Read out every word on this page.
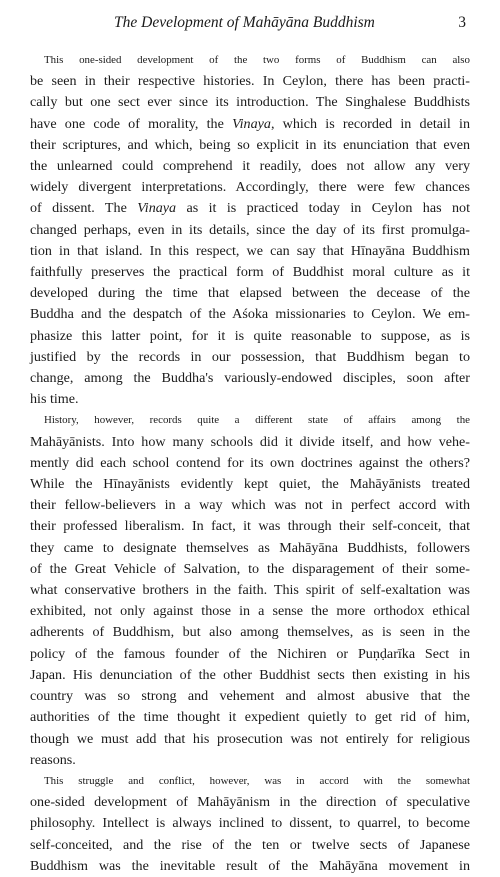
The Development of Mahāyāna Buddhism	3

This one-sided development of the two forms of Buddhism can also
be seen in their respective histories. In Ceylon, there has been practi-
cally but one sect ever since its introduction. The Singhalese Buddhists
have one code of morality, the Vinaya, which is recorded in detail in
their scriptures, and which, being so explicit in its enunciation that even
the unlearned could comprehend it readily, does not allow any very
widely divergent interpretations. Accordingly, there were few chances
of dissent. The Vinaya as it is practiced today in Ceylon has not
changed perhaps, even in its details, since the day of its first promulga-
tion in that island. In this respect, we can say that Hīnayāna Buddhism
faithfully preserves the practical form of Buddhist moral culture as it
developed during the time that elapsed between the decease of the
Buddha and the despatch of the Aśoka missionaries to Ceylon. We em-
phasize this latter point, for it is quite reasonable to suppose, as is
justified by the records in our possession, that Buddhism began to
change, among the Buddha's variously-endowed disciples, soon after
his time.

History, however, records quite a different state of affairs among the
Mahāyānists. Into how many schools did it divide itself, and how vehe-
mently did each school contend for its own doctrines against the others?
While the Hīnayānists evidently kept quiet, the Mahāyānists treated
their fellow-believers in a way which was not in perfect accord with
their professed liberalism. In fact, it was through their self-conceit, that
they came to designate themselves as Mahāyāna Buddhists, followers
of the Great Vehicle of Salvation, to the disparagement of their some-
what conservative brothers in the faith. This spirit of self-exaltation was
exhibited, not only against those in a sense the more orthodox ethical
adherents of Buddhism, but also among themselves, as is seen in the
policy of the famous founder of the Nichiren or Puṇḍarīka Sect in
Japan. His denunciation of the other Buddhist sects then existing in his
country was so strong and vehement and almost abusive that the
authorities of the time thought it expedient quietly to get rid of him,
though we must add that his prosecution was not entirely for religious
reasons.

This struggle and conflict, however, was in accord with the somewhat
one-sided development of Mahāyānism in the direction of speculative
philosophy. Intellect is always inclined to dissent, to quarrel, to become
self-conceited, and the rise of the ten or twelve sects of Japanese
Buddhism was the inevitable result of the Mahāyāna movement in
